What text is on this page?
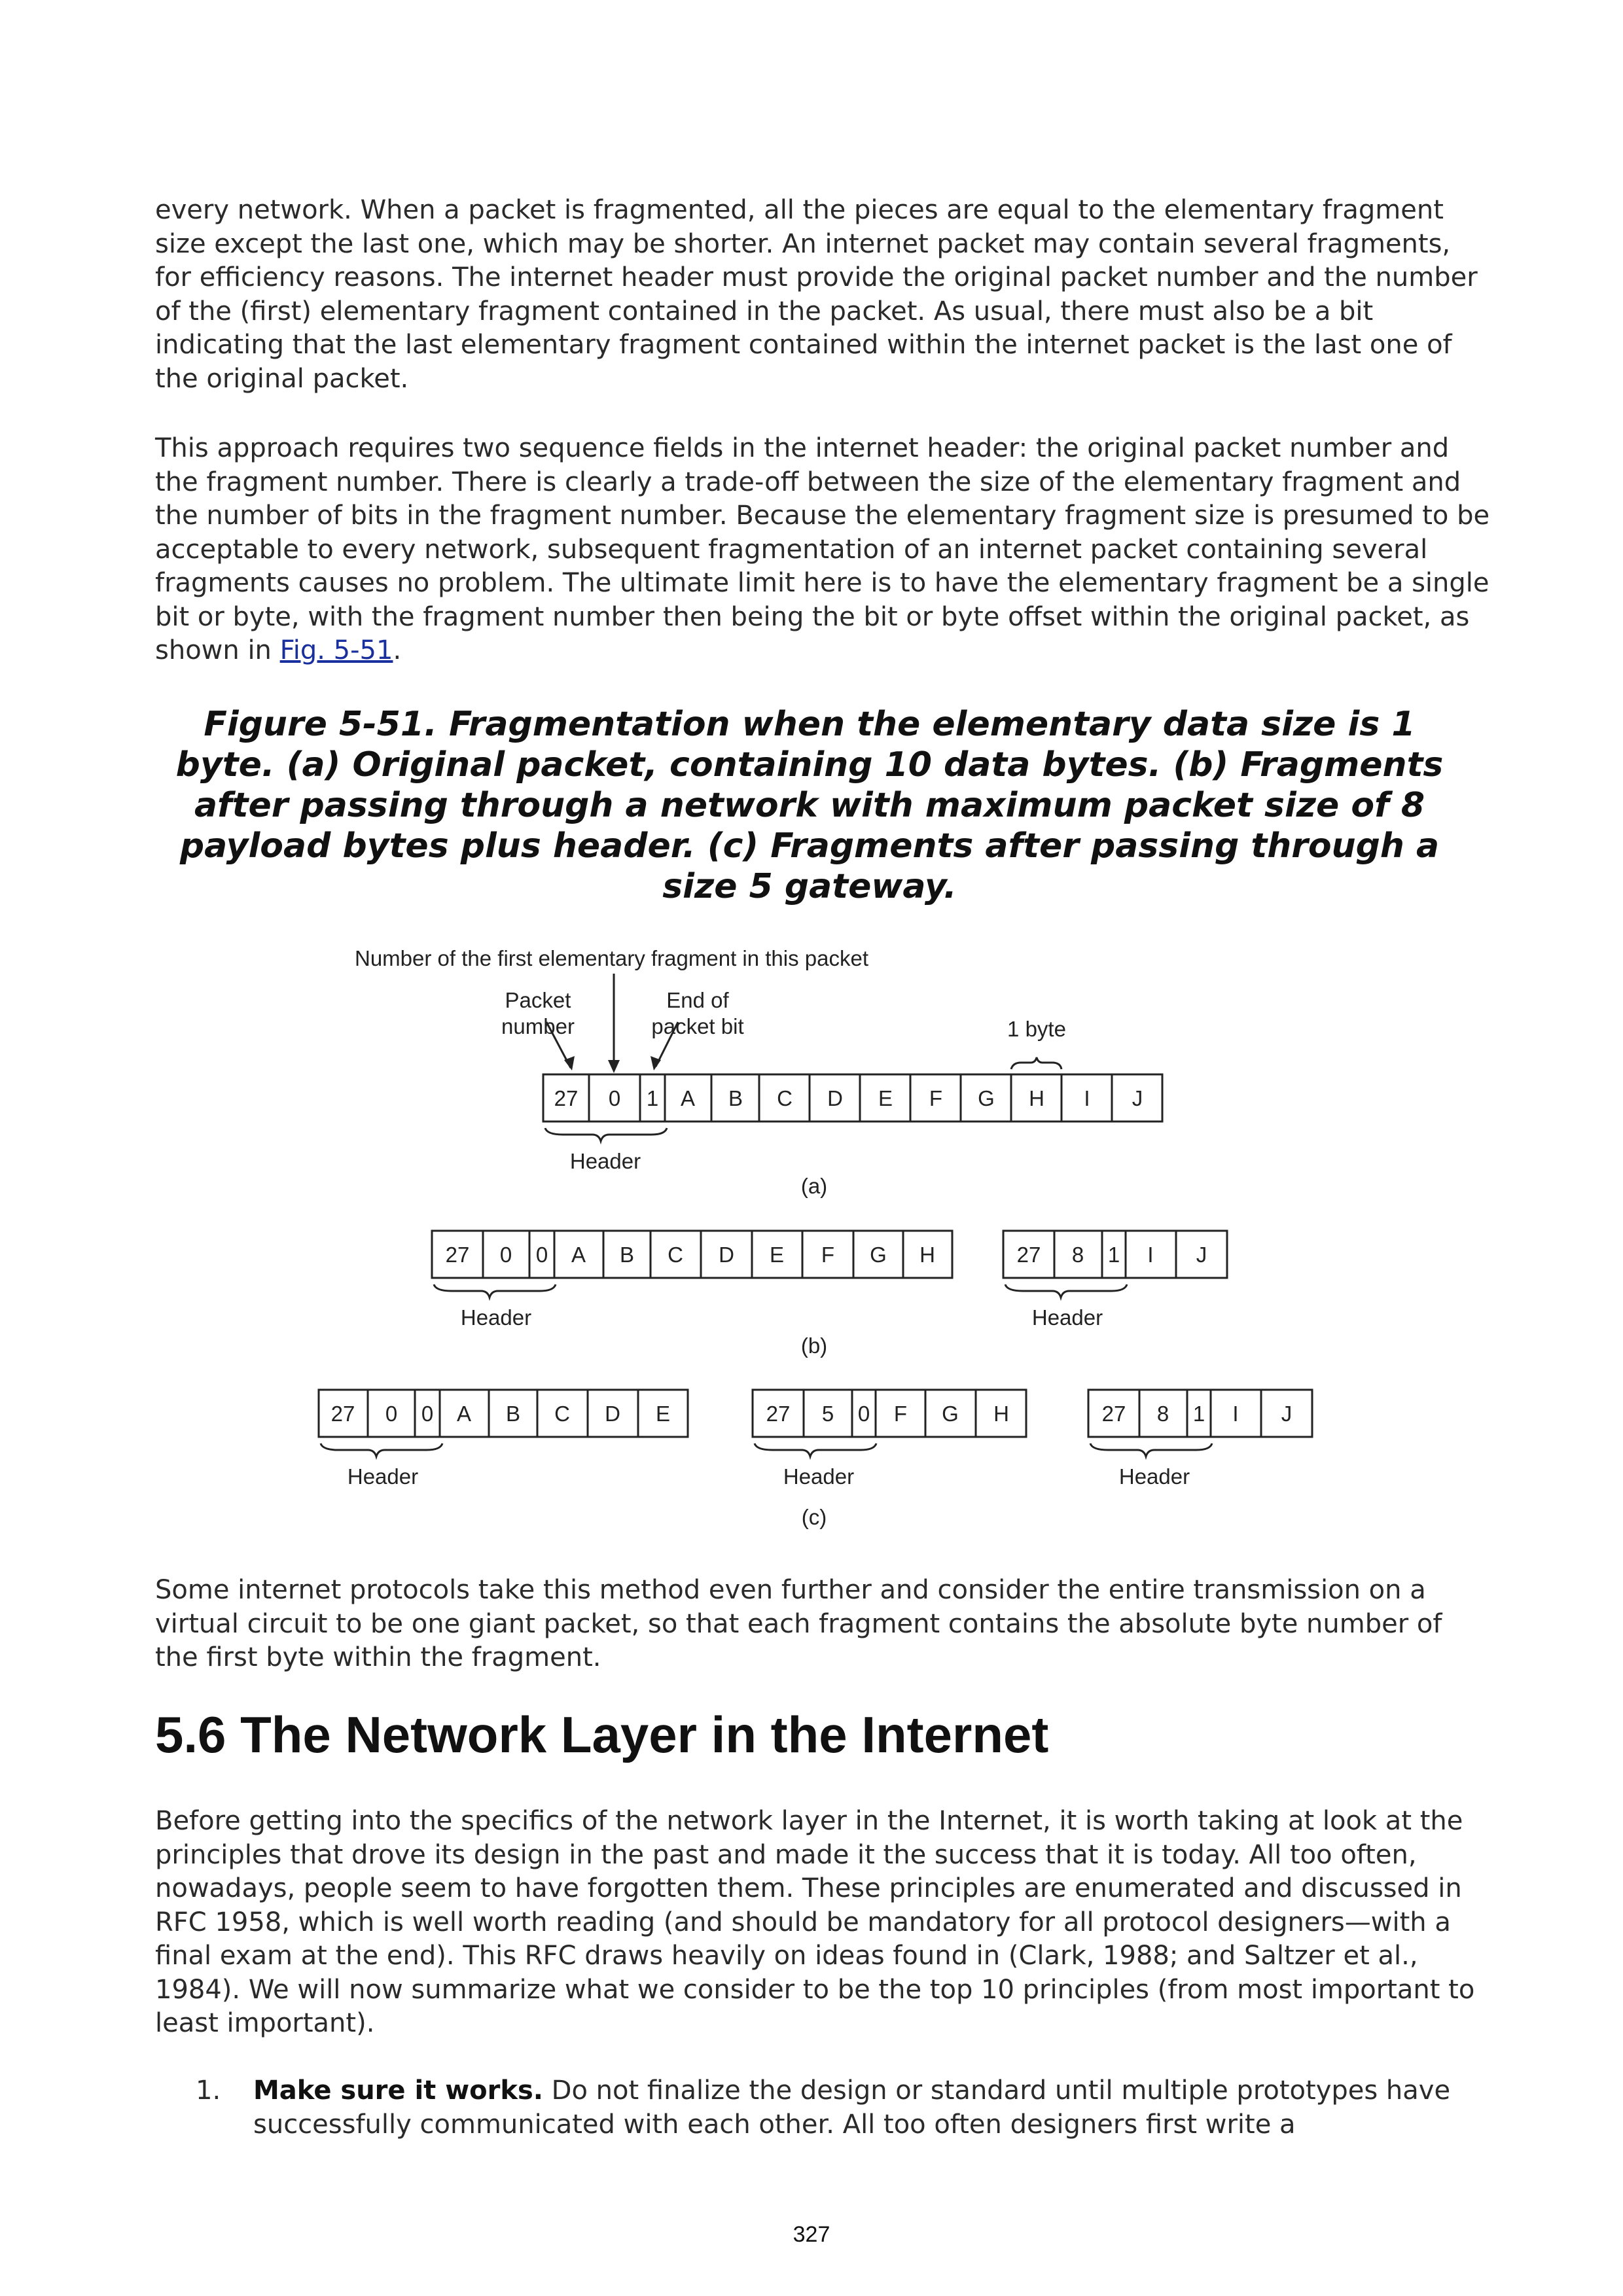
every network. When a packet is fragmented, all the pieces are equal to the elementary fragment size except the last one, which may be shorter. An internet packet may contain several fragments, for efficiency reasons. The internet header must provide the original packet number and the number of the (first) elementary fragment contained in the packet. As usual, there must also be a bit indicating that the last elementary fragment contained within the internet packet is the last one of the original packet.

This approach requires two sequence fields in the internet header: the original packet number and the fragment number. There is clearly a trade-off between the size of the elementary fragment and the number of bits in the fragment number. Because the elementary fragment size is presumed to be acceptable to every network, subsequent fragmentation of an internet packet containing several fragments causes no problem. The ultimate limit here is to have the elementary fragment be a single bit or byte, with the fragment number then being the bit or byte offset within the original packet, as shown in Fig. 5-51.

Figure 5-51. Fragmentation when the elementary data size is 1 byte. (a) Original packet, containing 10 data bytes. (b) Fragments after passing through a network with maximum packet size of 8 payload bytes plus header. (c) Fragments after passing through a size 5 gateway.

Number of the first elementary fragment in this packet
Packet
number
End of
packet bit	1 byte
27 0 1 A B C D E F G H I J
Header
(a)
27 0 0 A B C D E F G H	27 8 1 I J
Header	Header
(b)
27 0 0 A B C D E	27 5 0 F G H	27 8 1 I J
Header	Header	Header
(c)

Some internet protocols take this method even further and consider the entire transmission on a virtual circuit to be one giant packet, so that each fragment contains the absolute byte number of the first byte within the fragment.

5.6 The Network Layer in the Internet

Before getting into the specifics of the network layer in the Internet, it is worth taking at look at the principles that drove its design in the past and made it the success that it is today. All too often, nowadays, people seem to have forgotten them. These principles are enumerated and discussed in RFC 1958, which is well worth reading (and should be mandatory for all protocol designers—with a final exam at the end). This RFC draws heavily on ideas found in (Clark, 1988; and Saltzer et al., 1984). We will now summarize what we consider to be the top 10 principles (from most important to least important).

1. Make sure it works. Do not finalize the design or standard until multiple prototypes have successfully communicated with each other. All too often designers first write a
327
